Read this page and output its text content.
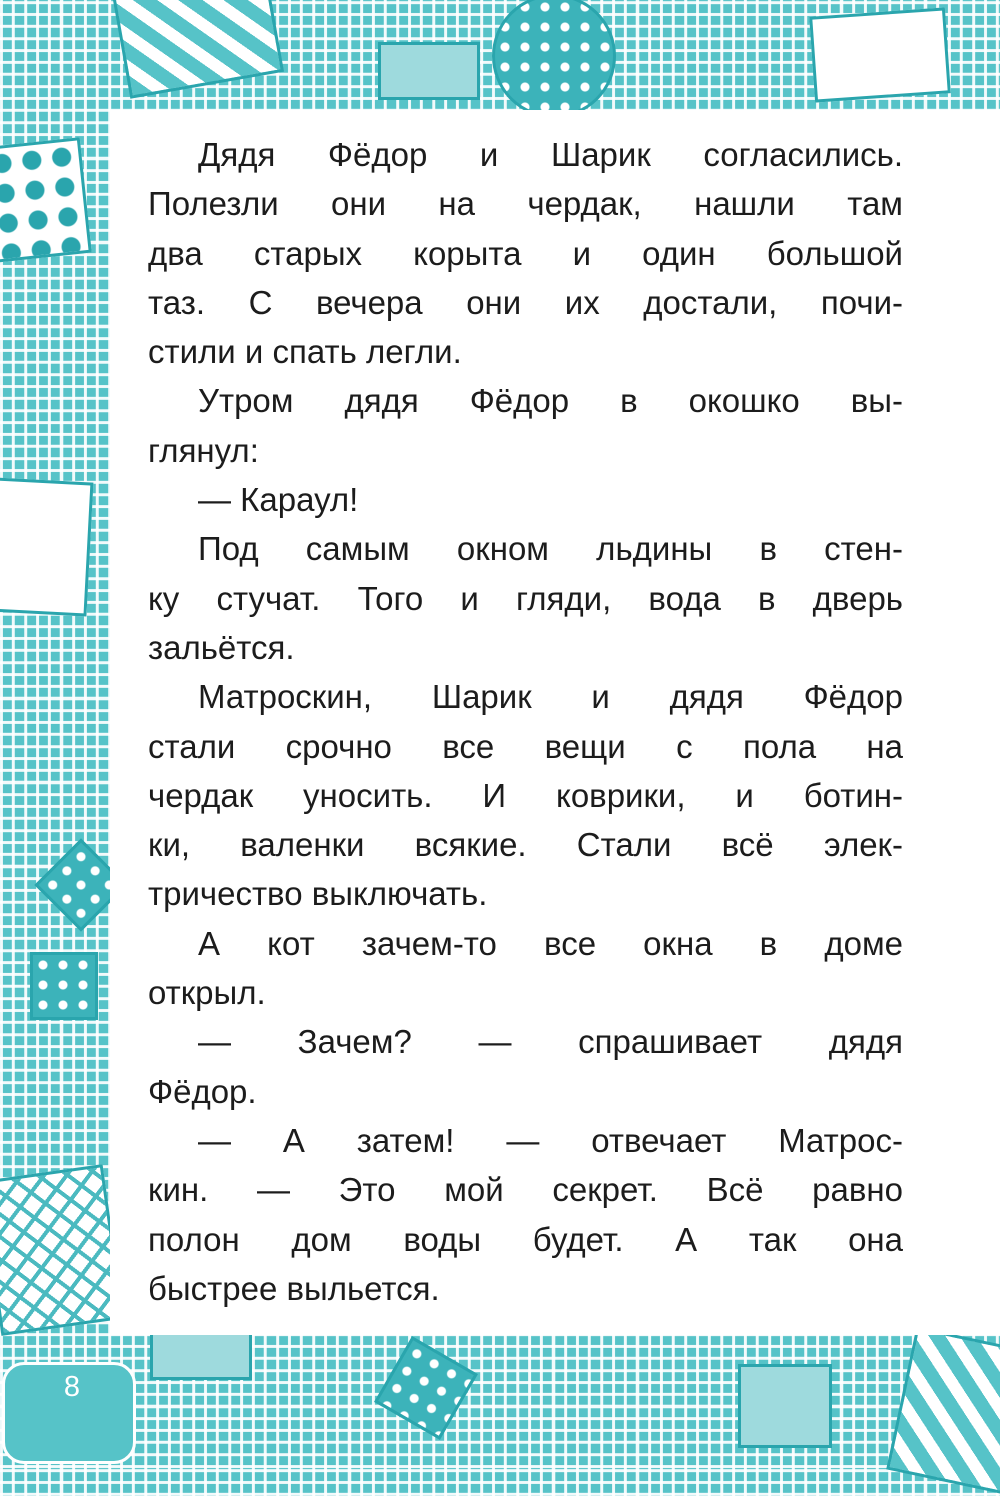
Дядя Фёдор и Шарик согласились.
Полезли они на чердак, нашли там
два старых корыта и один большой
таз. С вечера они их достали, почи-
стили и спать легли.

Утром дядя Фёдор в окошко вы-
глянул:

— Караул!

Под самым окном льдины в стен-
ку стучат. Того и гляди, вода в дверь
зальётся.

Матроскин, Шарик и дядя Фёдор
стали срочно все вещи с пола на
чердак уносить. И коврики, и ботин-
ки, валенки всякие. Стали всё элек-
тричество выключать.

А кот зачем-то все окна в доме
открыл.

— Зачем? — спрашивает дядя
Фёдор.

— А затем! — отвечает Матрос-
кин. — Это мой секрет. Всё равно
полон дом воды будет. А так она
быстрее выльется.

8
